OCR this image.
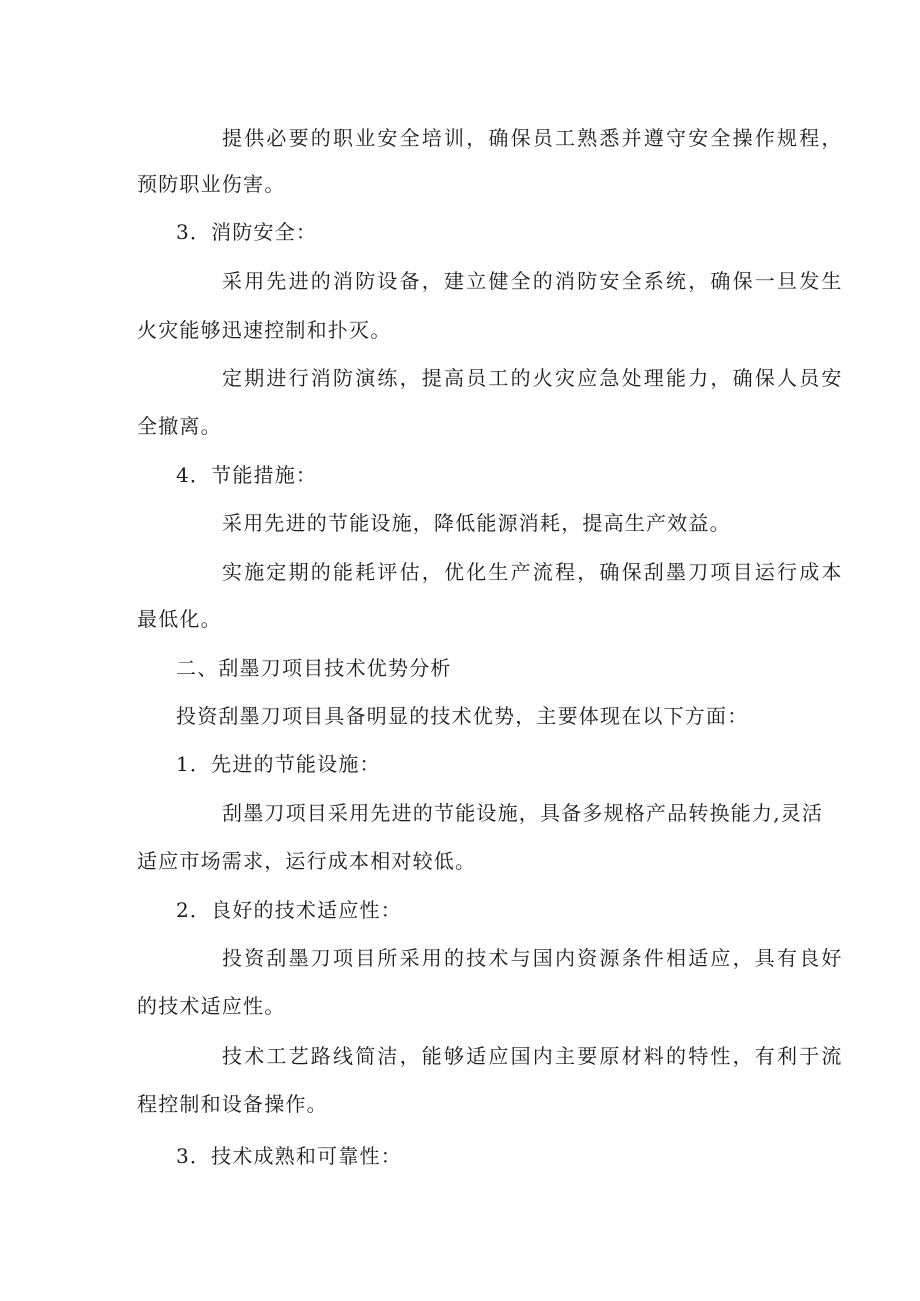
提供必要的职业安全培训，确保员工熟悉并遵守安全操作规程，
预防职业伤害。
3．消防安全：
采用先进的消防设备，建立健全的消防安全系统，确保一旦发生
火灾能够迅速控制和扑灭。
定期进行消防演练，提高员工的火灾应急处理能力，确保人员安
全撤离。
4．节能措施：
采用先进的节能设施，降低能源消耗，提高生产效益。
实施定期的能耗评估，优化生产流程，确保刮墨刀项目运行成本
最低化。
二、刮墨刀项目技术优势分析
投资刮墨刀项目具备明显的技术优势，主要体现在以下方面：
1．先进的节能设施：
刮墨刀项目采用先进的节能设施，具备多规格产品转换能力,灵活
适应市场需求，运行成本相对较低。
2．良好的技术适应性：
投资刮墨刀项目所采用的技术与国内资源条件相适应，具有良好
的技术适应性。
技术工艺路线简洁，能够适应国内主要原材料的特性，有利于流
程控制和设备操作。
3．技术成熟和可靠性：
